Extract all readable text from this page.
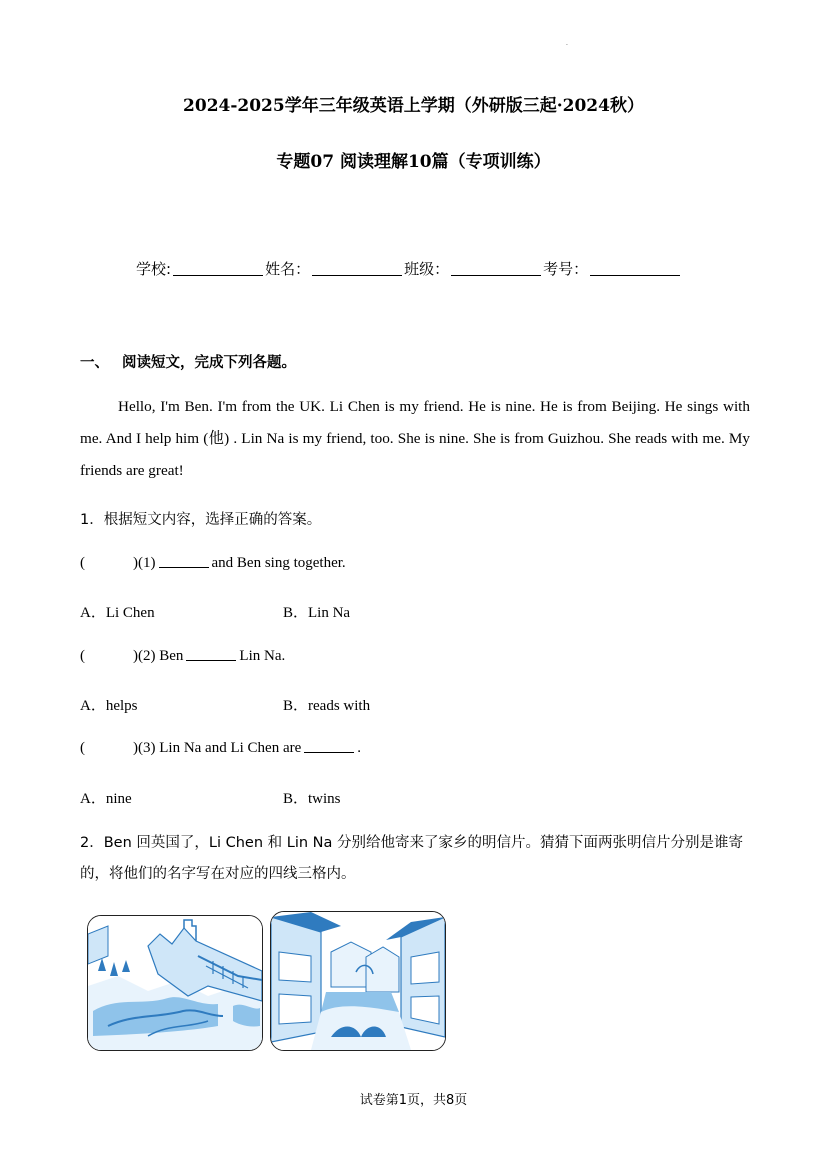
.
2024-2025学年三年级英语上学期（外研版三起·2024秋）
专题07 阅读理解10篇（专项训练）
学校:	姓名：	班级：	考号：
一、 阅读短文，完成下列各题。

Hello, I'm Ben. I'm from the UK. Li Chen is my friend. He is nine. He is from Beijing. He sings with me. And I help him (他) . Lin Na is my friend, too. She is nine. She is from Guizhou. She reads with me. My friends are great!

1．根据短文内容，选择正确的答案。
(	)(1)	and Ben sing together.
A．Li Chen	B．Lin Na
(	)(2) Ben	Lin Na.
A．helps	B．reads with
(	)(3) Lin Na and Li Chen are	.
A．nine	B．twins
2．Ben 回英国了，Li Chen 和 Lin Na 分别给他寄来了家乡的明信片。猜猜下面两张明信片分别是谁寄的，将他们的名字写在对应的四线三格内。
试卷第1页，共8页
